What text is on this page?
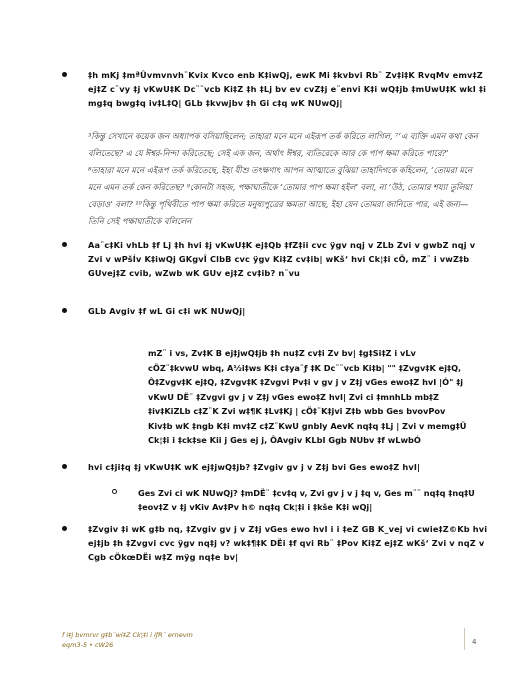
‡h mKj ‡mªÛvmvnvh¨Kvix Kvco enb K‡iwQj, ewK Mi ‡kvbvi Rb¨ Zv‡i‡K RvqMv emv‡Z ej‡Z c¨vy ‡j vKwU‡K Dc¨¨vcb Ki‡Z ‡h ‡Lj bv ev cvZ‡j e¨envi K‡i wQ‡jb ‡mUwU‡K wkI ‡i mg‡q bwg‡q iv‡L‡Q| GLb ‡kvwjbv ‡h Gi c‡q wK NUwQj|
³কিন্তু সেখানে কয়েক জন অধ্যাপক বসিয়াছিলেন; তাহারা মনে মনে এইরূপ তর্ক করিতে লাগিল, ⁷‘এ ব্যক্তি এমন কথা কেন
বলিতেছে? এ যে ঈশ্বর-নিন্দা করিতেছে; সেই এক জন, অর্থাৎ ঈশ্বর, ব্যতিরেকে আর কে পাপ ক্ষমা করিতে পারে?’
⁸তাহারা মনে মনে এইরূপ তর্ক করিতেছে, ইহা যীশু তৎক্ষণাৎ আপন আত্মাতে বুঝিয়া তাহাদিগকে কহিলেন, ‘তোমরা মনে
মনে এমন তর্ক কেন করিতেছ? ⁹কোনটা সহজ, পক্ষাঘাতীকে ‘তোমার পাপ ক্ষমা হইল’ বলা, না ‘উঠ, তোমার শয্যা তুলিয়া
বেড়াও’ বলা? ¹⁰কিন্তু পৃথিবীতে পাপ ক্ষমা করিতে মনুষ্যপুত্রের ক্ষমতা আছে, ইহা যেন তোমরা জানিতে পার, এই জন্য—
তিনি সেই পক্ষাঘাতীকে বলিলেন
Aa¨c‡Ki vhLb ‡f Lj ‡h hvi ‡j vKwU‡K ej‡Qb ‡fZ‡ii cvc ÿgv nqj v ZLb Zvi v gwbZ nqj v Zvi v wPšÍv K‡iwQj GKgvÎ ClbB cvc ÿgv Ki‡Z cv‡ib| wKš‘ hvi Ck¦‡i cÖ, mZ¨ i vwZ‡b GUvej‡Z cvib, wZwb wK GUv ej‡Z cv‡ib? n¨vu
GLb Avgiv ‡f wL Gi c‡i wK NUwQj|
mZ¨ i vs, Zv‡K B ej‡jwQ‡jb ‡h nu‡Z cv‡i Zv bv| ‡g‡Si‡Z i vLv cÖZ¨‡kvwU wbq, A½i‡ws K‡i c‡ya¨ƒ ‡K Dc¨¨vcb Ki‡b| "" ‡Zvgv‡K ej‡Q, Ô‡Zvgv‡K ej‡Q, ‡Zvgv‡K ‡Zvgvi Pv‡i v gv j v Z‡j vGes ewo‡Z hvI |Ó" ‡j vKwU DË¨ ‡Zvgvi gv j v Z‡j vGes ewo‡Z hvI| Zvi ci ‡mnhLb mb‡Z ‡iv‡KiZLb c‡Z¨K Zvi w‡¶K ‡Lv‡Kj | cÖ‡¨K‡jvi Z‡b wbb Ges bvovPov Kiv‡b wK ‡ngb K‡i mv‡Z c‡Z¨KwU gnbly AevK nq‡q ‡Lj | Zvi v memg‡Ü Ck¦‡i i ‡ck‡se Kii j Ges ej j, ÔAvgiv KLbI Ggb NUbv ‡f wLwbÓ
hvi c‡ji‡q ‡j vKwU‡K wK ej‡jwQ‡jb? ‡Zvgiv gv j v Z‡j bvi Ges ewo‡Z hvI|
Ges Zvi ci wK NUwQj? ‡mDË¨ ‡cv‡q v, Zvi gv j v j ‡q v, Ges m¨¨ nq‡q ‡nq‡U ‡eov‡Z v ‡j vKiv Av‡Pv h© nq‡q Ck¦‡i i ‡kše K‡i wQj|
‡Zvgiv ‡i wK g‡b nq, ‡Zvgiv gv j v Z‡j vGes ewo hvI i i ‡eZ GB K_vej vi cwie‡Z©Kb hvi ej‡jb ‡h ‡Zvgvi cvc ÿgv nq‡j v? wk‡¶‡K DËi ‡f qvi Rb¨ ‡Pov Ki‡Z ej‡Z wKš‘ Zvi v nqZ v Cgb cÖkœDËi w‡Z mÿg nq‡e bv|
f i‡j bvmrvr g‡b¨wi‡Z Ck¦‡i i iƒR¨ ernevm
eqm3-5 • cW26	4
